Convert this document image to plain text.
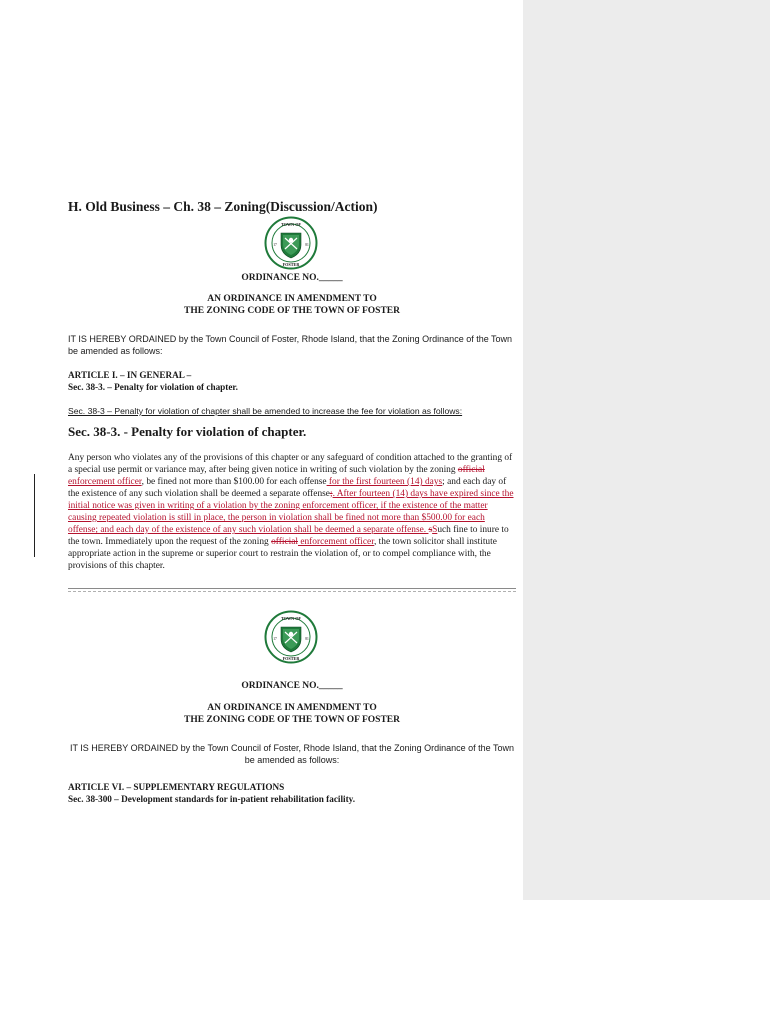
H. Old Business – Ch. 38 – Zoning(Discussion/Action)
TOWN OF
FOSTER
17	81
ORDINANCE NO._____
AN ORDINANCE IN AMENDMENT TO
THE ZONING CODE OF THE TOWN OF FOSTER
IT IS HEREBY ORDAINED by the Town Council of Foster, Rhode Island, that the Zoning Ordinance of the Town be amended as follows:
ARTICLE I. – IN GENERAL –
Sec. 38-3. – Penalty for violation of chapter.
Sec. 38-3 – Penalty for violation of chapter shall be amended to increase the fee for violation as follows:
Sec. 38-3. - Penalty for violation of chapter.
Any person who violates any of the provisions of this chapter or any safeguard of condition attached to the granting of a special use permit or variance may, after being given notice in writing of such violation by the zoning official enforcement officer, be fined not more than $100.00 for each offense for the first fourteen (14) days; and each day of the existence of any such violation shall be deemed a separate offense;. After fourteen (14) days have expired since the initial notice was given in writing of a violation by the zoning enforcement officer, if the existence of the matter causing repeated violation is still in place, the person in violation shall be fined not more than $500.00 for each offense; and each day of the existence of any such violation shall be deemed a separate offense. sSuch fine to inure to the town. Immediately upon the request of the zoning official enforcement officer, the town solicitor shall institute appropriate action in the supreme or superior court to restrain the violation of, or to compel compliance with, the provisions of this chapter.
TOWN OF
FOSTER
17	81
ORDINANCE NO._____
AN ORDINANCE IN AMENDMENT TO
THE ZONING CODE OF THE TOWN OF FOSTER
IT IS HEREBY ORDAINED by the Town Council of Foster, Rhode Island, that the Zoning Ordinance of the Town be amended as follows:
ARTICLE VI. – SUPPLEMENTARY REGULATIONS
Sec. 38-300 – Development standards for in-patient rehabilitation facility.
